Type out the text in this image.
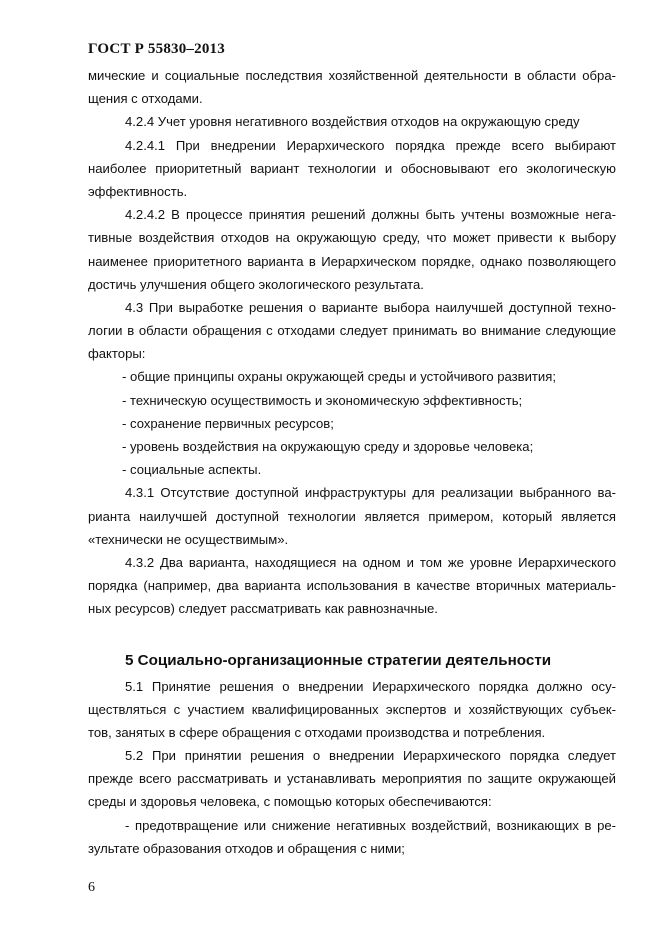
ГОСТ Р 55830–2013
мические и социальные последствия хозяйственной деятельности в области обра-
щения с отходами.
4.2.4 Учет уровня негативного воздействия отходов на окружающую среду
4.2.4.1 При внедрении Иерархического порядка прежде всего выбирают
наиболее приоритетный вариант технологии и обосновывают его экологическую
эффективность.
4.2.4.2 В процессе принятия решений должны быть учтены возможные нега-
тивные воздействия отходов на окружающую среду, что может привести к выбору
наименее приоритетного варианта в Иерархическом порядке, однако позволяющего
достичь улучшения общего экологического результата.
4.3 При выработке решения о варианте выбора наилучшей доступной техно-
логии в области обращения с отходами следует принимать во внимание следующие
факторы:
- общие принципы охраны окружающей среды и устойчивого развития;
- техническую осуществимость и экономическую эффективность;
- сохранение первичных ресурсов;
- уровень воздействия на окружающую среду и здоровье человека;
- социальные аспекты.
4.3.1 Отсутствие доступной инфраструктуры для реализации выбранного ва-
рианта наилучшей доступной технологии является примером, который является
«технически не осуществимым».
4.3.2 Два варианта, находящиеся на одном и том же уровне Иерархического
порядка (например, два варианта использования в качестве вторичных материаль-
ных ресурсов) следует рассматривать как равнозначные.
5 Социально-организационные стратегии деятельности
5.1 Принятие решения о внедрении Иерархического порядка должно осу-
ществляться с участием квалифицированных экспертов и хозяйствующих субъек-
тов, занятых в сфере обращения с отходами производства и потребления.
5.2 При принятии решения о внедрении Иерархического порядка следует
прежде всего рассматривать и устанавливать мероприятия по защите окружающей
среды и здоровья человека, с помощью которых обеспечиваются:
- предотвращение или снижение негативных воздействий, возникающих в ре-
зультате образования отходов и обращения с ними;
6
